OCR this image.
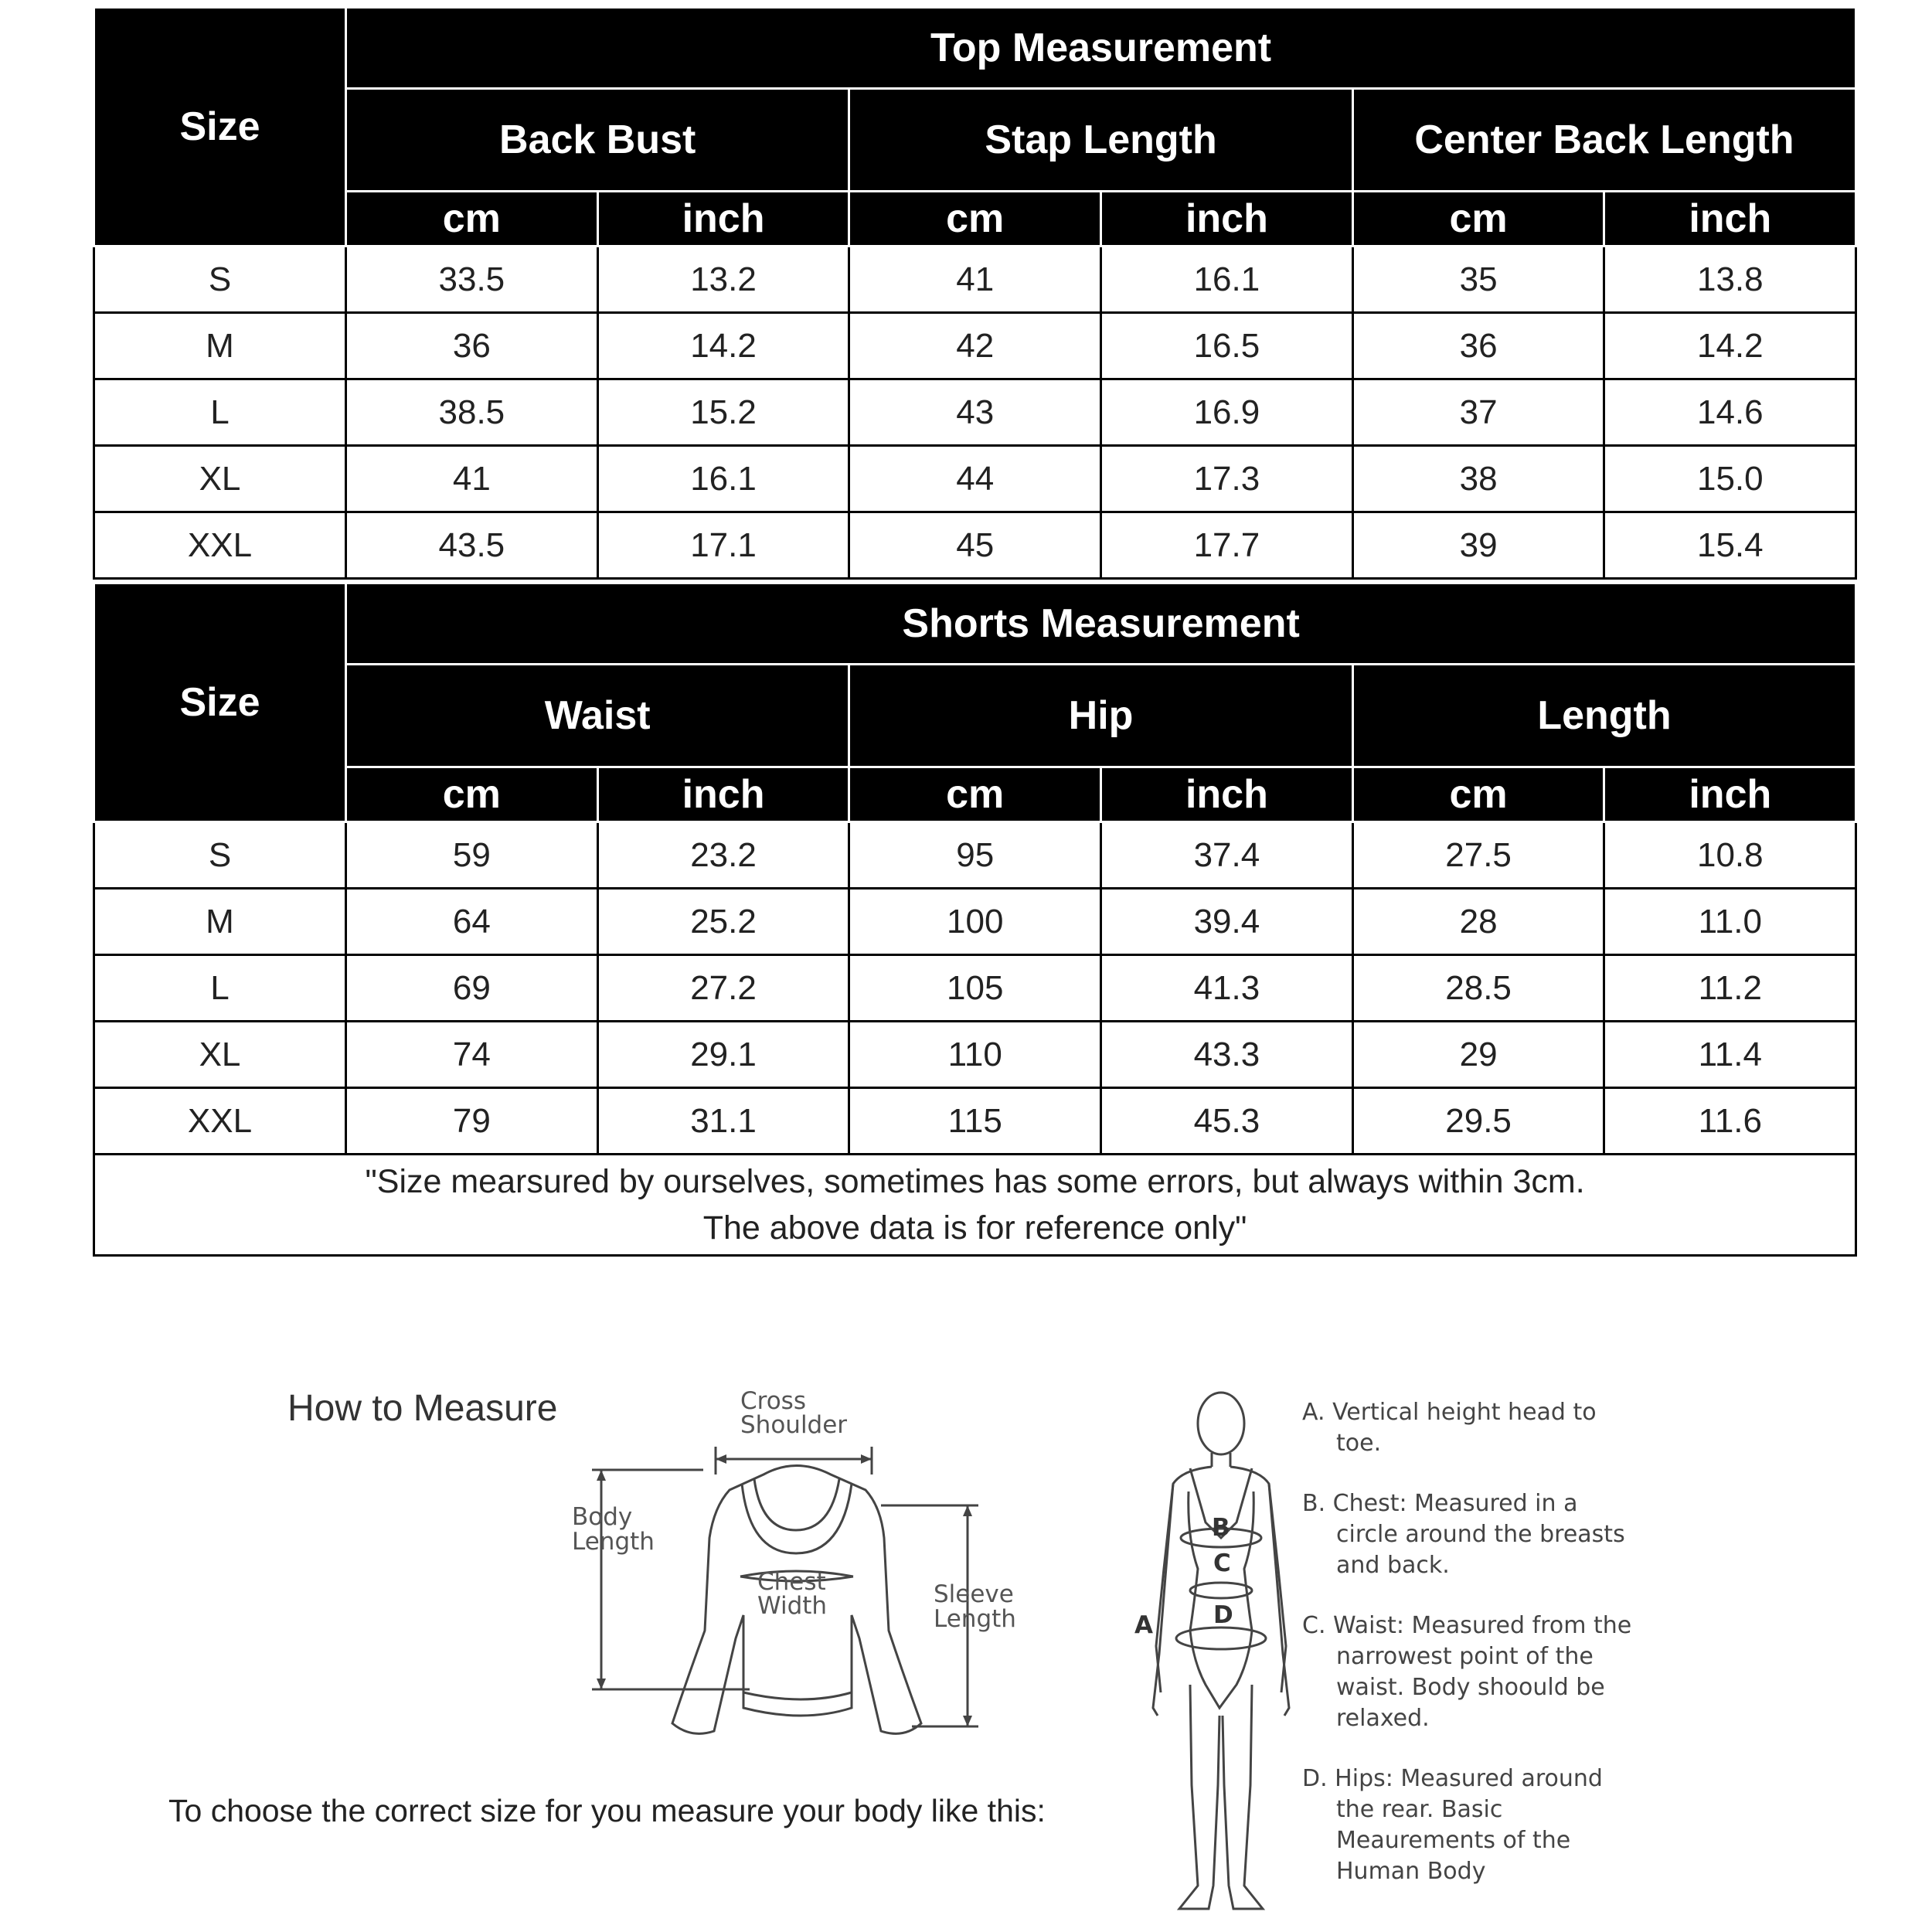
Size	Top Measurement					
	Back Bust		Stap Length		Center Back Length	
	cm	inch	cm	inch	cm	inch
S	33.5	13.2	41	16.1	35	13.8
M	36	14.2	42	16.5	36	14.2
L	38.5	15.2	43	16.9	37	14.6
XL	41	16.1	44	17.3	38	15.0
XXL	43.5	17.1	45	17.7	39	15.4
Size	Shorts Measurement					
	Waist		Hip		Length	
	cm	inch	cm	inch	cm	inch
S	59	23.2	95	37.4	27.5	10.8
M	64	25.2	100	39.4	28	11.0
L	69	27.2	105	41.3	28.5	11.2
XL	74	29.1	110	43.3	29	11.4
XXL	79	31.1	115	45.3	29.5	11.6

"Size mearsured by ourselves, sometimes has some errors, but always within 3cm.
The above data is for reference only"						
How to Measure	Cross
Shoulder
Body
Length
Chest
Width	Sleeve
Length	A
B
C
D
A. Vertical height head to toe.
B. Chest: Measured in a circle around the breasts and back.
C. Waist: Measured from the narrowest point of the waist. Body shoould be relaxed.
D. Hips: Measured around the rear. Basic Meaurements of the Human Body
To choose the correct size for you measure your body like this:
